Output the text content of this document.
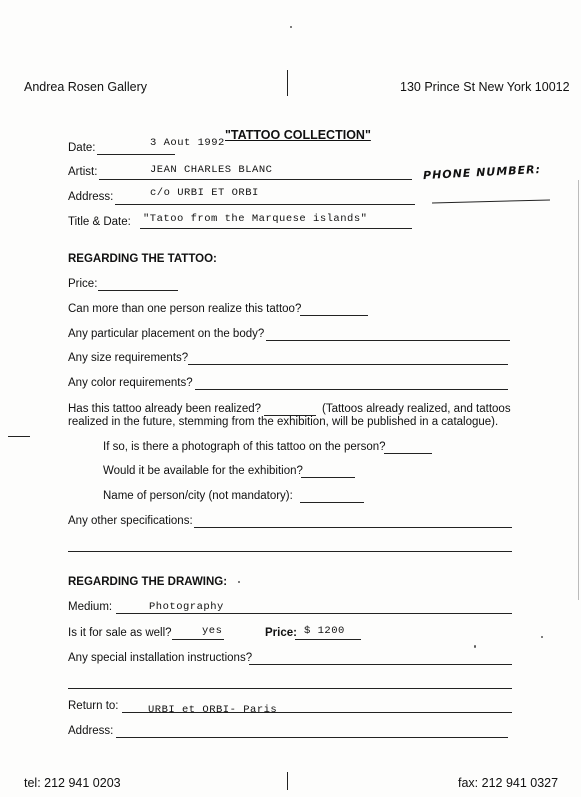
Andrea Rosen Gallery	130 Prince St New York 10012
"TATTOO COLLECTION"
Date:	3 Aout 1992
Artist:	JEAN CHARLES BLANC	PHONE NUMBER:
Address:	c/o URBI ET ORBI
Title & Date: "Tatoo from the Marquese islands"
REGARDING THE TATTOO:
Price:
Can more than one person realize this tattoo?
Any particular placement on the body?
Any size requirements?
Any color requirements?
Has this tattoo already been realized?	(Tattoos already realized, and tattoos
realized in the future, stemming from the exhibition, will be published in a catalogue).
If so, is there a photograph of this tattoo on the person?
Would it be available for the exhibition?
Name of person/city (not mandatory):
Any other specifications:
REGARDING THE DRAWING:
Medium:	Photography
Is it for sale as well?	yes	Price: $ 1200
Any special installation instructions?
Return to:	URBI et ORBI- Paris
Address:
tel: 212 941 0203	fax: 212 941 0327
